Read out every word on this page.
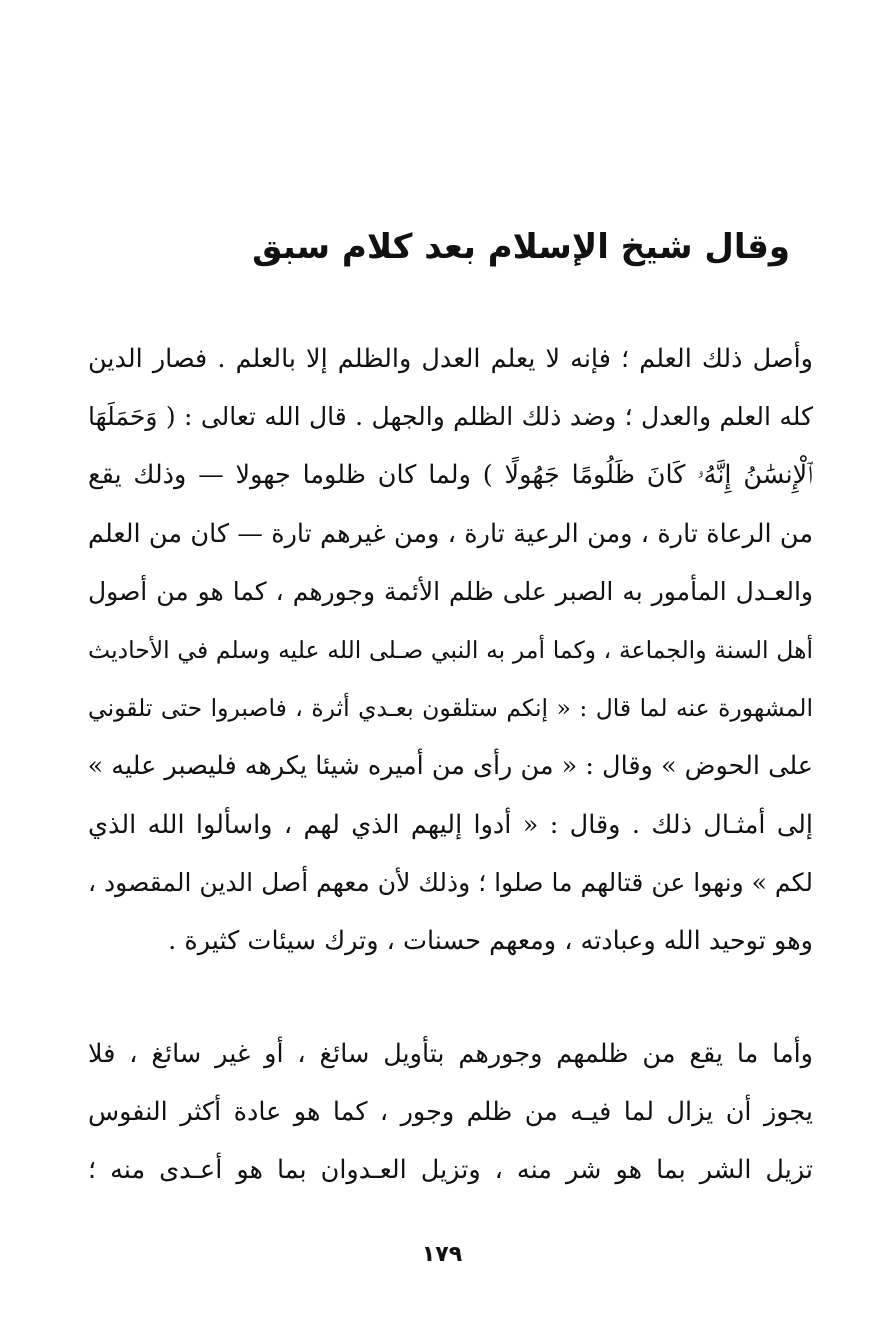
وقال شيخ الإسلام بعد كلام سبق
وأصل ذلك العلم ؛ فإنه لا يعلم العدل والظلم إلا بالعلم . فصار الدين
كله العلم والعدل ؛ وضد ذلك الظلم والجهل . قال الله تعالى : ( وَحَمَلَهَا
ٱلْإِنسَٰنُ إِنَّهُۥ كَانَ ظَلُومًا جَهُولًا ) ولما كان ظلوما جهولا — وذلك يقع
من الرعاة تارة ، ومن الرعية تارة ، ومن غيرهم تارة — كان من العلم
والعـدل المأمور به الصبر على ظلم الأئمة وجورهم ، كما هو من أصول
أهل السنة والجماعة ، وكما أمر به النبي صـلى الله عليه وسلم في الأحاديث
المشهورة عنه لما قال : « إنكم ستلقون بعـدي أثرة ، فاصبروا حتى تلقوني
على الحوض » وقال : « من رأى من أميره شيئا يكرهه فليصبر عليه »
إلى أمثـال ذلك . وقال : « أدوا إليهم الذي لهم ، واسألوا الله الذي
لكم » ونهوا عن قتالهم ما صلوا ؛ وذلك لأن معهم أصل الدين المقصود ،
وهو توحيد الله وعبادته ، ومعهم حسنات ، وترك سيئات كثيرة .
وأما ما يقع من ظلمهم وجورهم بتأويل سائغ ، أو غير سائغ ، فلا
يجوز أن يزال لما فيـه من ظلم وجور ، كما هو عادة أكثر النفوس
تزيل الشر بما هو شر منه ، وتزيل العـدوان بما هو أعـدى منه ؛
١٧٩
